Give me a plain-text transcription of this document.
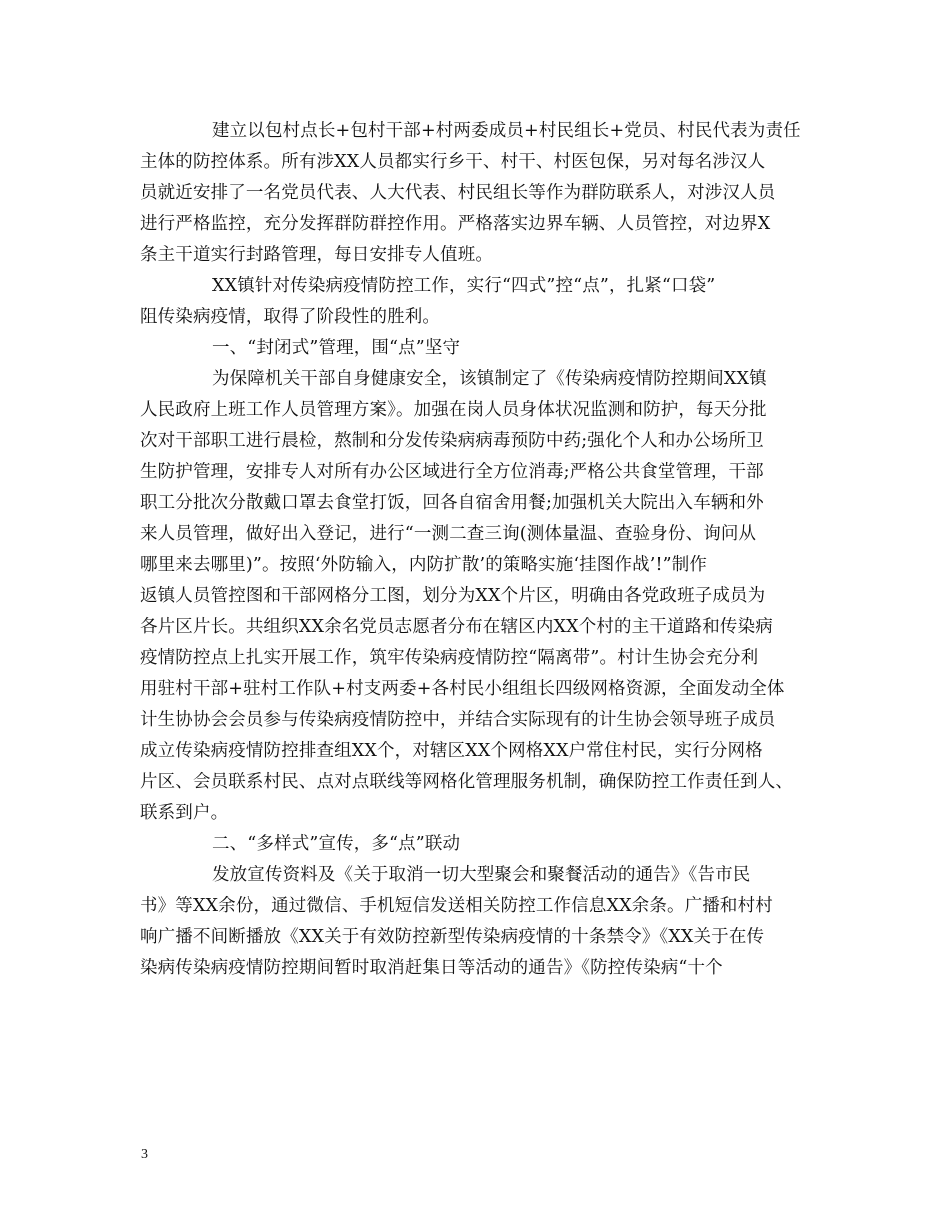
建立以包村点长+包村干部+村两委成员+村民组长+党员、村民代表为责任
主体的防控体系。所有涉XX人员都实行乡干、村干、村医包保，另对每名涉汉人
员就近安排了一名党员代表、人大代表、村民组长等作为群防联系人，对涉汉人员
进行严格监控，充分发挥群防群控作用。严格落实边界车辆、人员管控，对边界X
条主干道实行封路管理，每日安排专人值班。
XX镇针对传染病疫情防控工作，实行“四式”控“点”，扎紧“口袋”
阻传染病疫情，取得了阶段性的胜利。
一、“封闭式”管理，围“点”坚守
为保障机关干部自身健康安全，该镇制定了《传染病疫情防控期间XX镇
人民政府上班工作人员管理方案》。加强在岗人员身体状况监测和防护，每天分批
次对干部职工进行晨检，熬制和分发传染病病毒预防中药;强化个人和办公场所卫
生防护管理，安排专人对所有办公区域进行全方位消毒;严格公共食堂管理，干部
职工分批次分散戴口罩去食堂打饭，回各自宿舍用餐;加强机关大院出入车辆和外
来人员管理，做好出入登记，进行“一测二查三询(测体量温、查验身份、询问从
哪里来去哪里)”。按照‘外防输入，内防扩散’的策略实施‘挂图作战’!”制作
返镇人员管控图和干部网格分工图，划分为XX个片区，明确由各党政班子成员为
各片区片长。共组织XX余名党员志愿者分布在辖区内XX个村的主干道路和传染病
疫情防控点上扎实开展工作，筑牢传染病疫情防控“隔离带”。村计生协会充分利
用驻村干部+驻村工作队+村支两委+各村民小组组长四级网格资源，全面发动全体
计生协协会会员参与传染病疫情防控中，并结合实际现有的计生协会领导班子成员
成立传染病疫情防控排查组XX个，对辖区XX个网格XX户常住村民，实行分网格
片区、会员联系村民、点对点联线等网格化管理服务机制，确保防控工作责任到人、
联系到户。
二、“多样式”宣传，多“点”联动
发放宣传资料及《关于取消一切大型聚会和聚餐活动的通告》《告市民
书》等XX余份，通过微信、手机短信发送相关防控工作信息XX余条。广播和村村
响广播不间断播放《XX关于有效防控新型传染病疫情的十条禁令》《XX关于在传
染病传染病疫情防控期间暂时取消赶集日等活动的通告》《防控传染病“十个
3
